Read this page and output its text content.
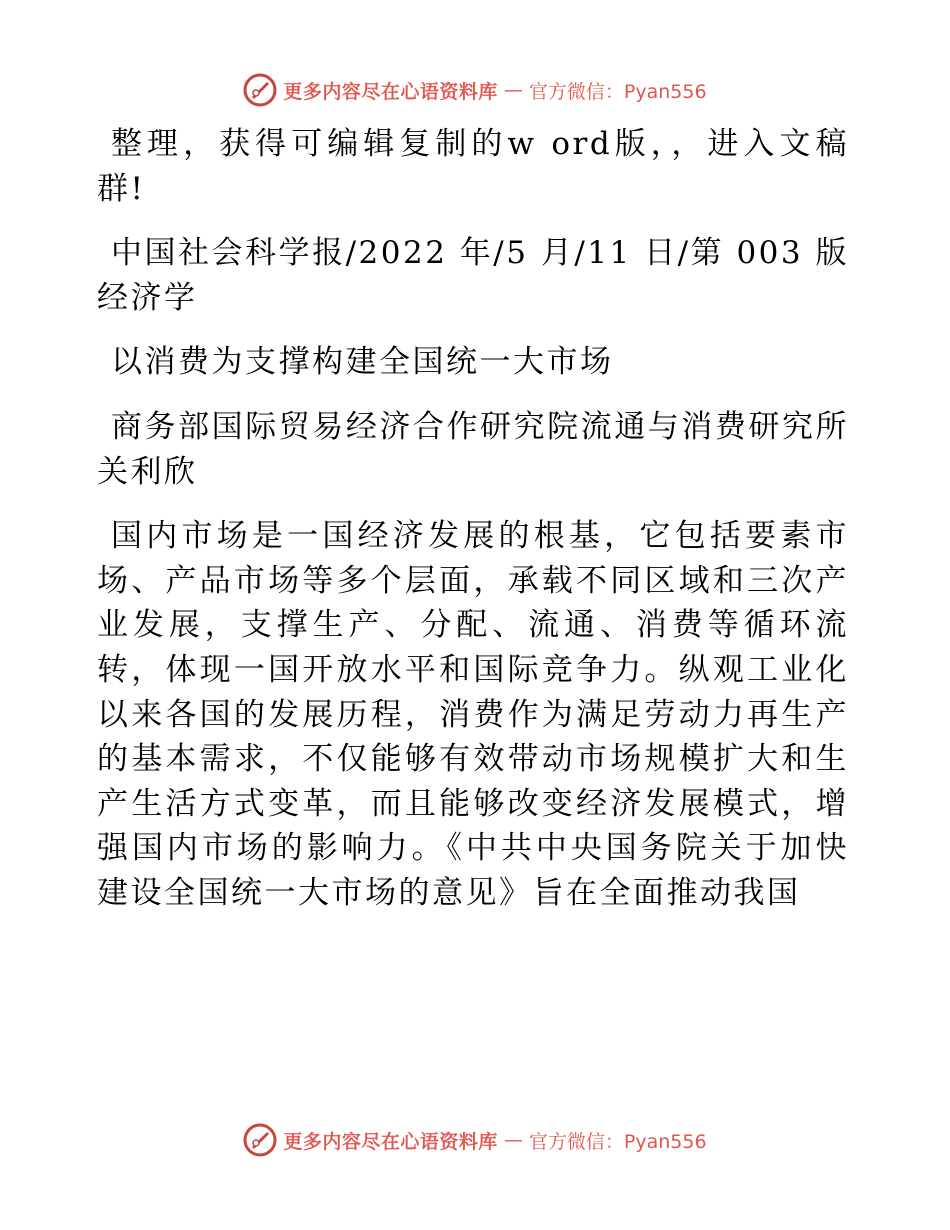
更多内容尽在心语资料库 — 官方微信：Pyan556

整理，获得可编辑复制的w ord版，，进入文稿群!

中国社会科学报/2022 年/5 月/11 日/第 003 版经济学

以消费为支撑构建全国统一大市场

商务部国际贸易经济合作研究院流通与消费研究所 关利欣

国内市场是一国经济发展的根基，它包括要素市场、产品市场等多个层面，承载不同区域和三次产业发展，支撑生产、分配、流通、消费等循环流转，体现一国开放水平和国际竞争力。纵观工业化以来各国的发展历程，消费作为满足劳动力再生产的基本需求，不仅能够有效带动市场规模扩大和生产生活方式变革，而且能够改变经济发展模式，增强国内市场的影响力。《中共中央国务院关于加快建设全国统一大市场的意见》旨在全面推动我国

更多内容尽在心语资料库 — 官方微信：Pyan556
